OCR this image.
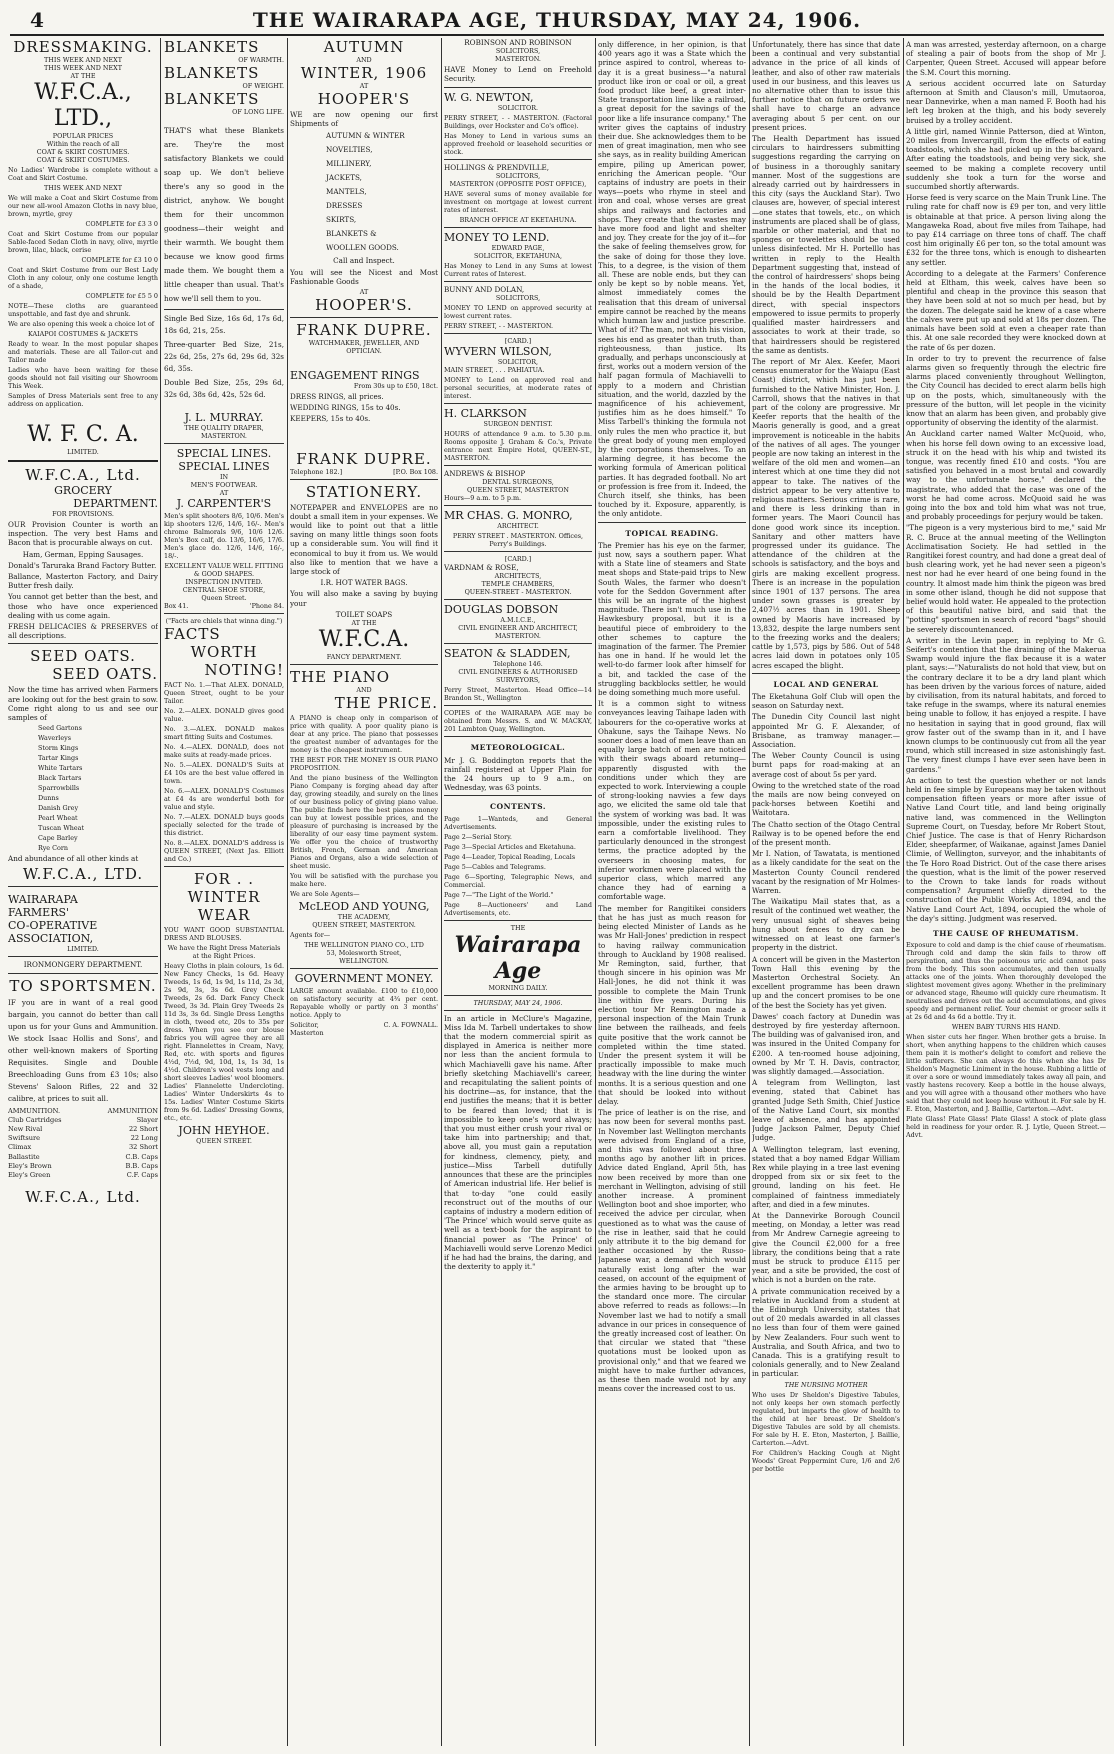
4	THE WAIRARAPA AGE, THURSDAY, MAY 24, 1906.
DRESSMAKING.
THIS WEEK AND NEXT
THIS WEEK AND NEXT
AT THE
W.F.C.A., LTD.,
POPULAR PRICES
Within the reach of all
COAT & SKIRT COSTUMES.
COAT & SKIRT COSTUMES.

No Ladies' Wardrobe is complete without a Coat and Skirt Costume.

THIS WEEK AND NEXT

We will make a Coat and Skirt Costume from our new all-wool Amazon Cloths in navy blue, brown, myrtle, grey

COMPLETE for £3 3 0

Coat and Skirt Costume from our popular Sable-faced Sedan Cloth in navy, olive, myrtle brown, lilac, black, cerise

COMPLETE for £3 10 0

Coat and Skirt Costume from our Best Lady Cloth in any colour, only one costume length of a shade,

COMPLETE for £5 5 0

NOTE—These cloths are guaranteed unspottable, and fast dye and shrunk.

We are also opening this week a choice lot of

KAIAPOI COSTUMES & JACKETS

Ready to wear. In the most popular shapes and materials. These are all Tailor-cut and Tailor made

Ladies who have been waiting for these goods should not fail visiting our Showroom This Week.

Samples of Dress Materials sent free to any address on application.

W. F. C. A.
LIMITED.
W.F.C.A., Ltd.
GROCERY
DEPARTMENT.
FOR PROVISIONS.

OUR Provision Counter is worth an inspection. The very best Hams and Bacon that is procurable always on cut.

Ham, German, Epping Sausages.

Donald's Taruraka Brand Factory Butter.

Ballance, Masterton Factory, and Dairy Butter fresh daily.

You cannot get better than the best, and those who have once experienced dealing with us come again.

FRESH DELICACIES & PRESERVES of all descriptions.

SEED OATS.
SEED OATS.

Now the time has arrived when Farmers are looking out for the best grain to sow. Come right along to us and see our samples of

Seed Gartons

Waverleys

Storm Kings

Tartar Kings

White Tartars

Black Tartars

Sparrowbills

Dunns

Danish Grey

Pearl Wheat

Tuscan Wheat

Cape Barley

Rye Corn

And abundance of all other kinds at

W.F.C.A., LTD.
WAIRARAPA
FARMERS'
CO-OPERATIVE
ASSOCIATION,
LIMITED.
IRONMONGERY DEPARTMENT.
TO SPORTSMEN.

IF you are in want of a real good bargain, you cannot do better than call upon us for your Guns and Ammunition. We stock Isaac Hollis and Sons', and other well-known makers of Sporting Requisites. Single and Double Breechloading Guns from £3 10s; also Stevens' Saloon Rifles, 22 and 32 calibre, at prices to suit all.

AMMUNITION.	AMMUNITION
Club Cartridges	Slayer
New Rival	22 Short
Swiftsure	22 Long
Climax	32 Short
Ballastite	C.B. Caps
Eley's Brown	B.B. Caps
Eley's Green	C.F. Caps
W.F.C.A., Ltd.
BLANKETS
OF WARMTH.
BLANKETS
OF WEIGHT.
BLANKETS
OF LONG LIFE.

THAT'S what these Blankets are. They're the most satisfactory Blankets we could soap up. We don't believe there's any so good in the district, anyhow. We bought them for their uncommon goodness—their weight and their warmth. We bought them because we know good firms made them. We bought them a little cheaper than usual. That's how we'll sell them to you.

Single Bed Size, 16s 6d, 17s 6d, 18s 6d, 21s, 25s.

Three-quarter Bed Size, 21s, 22s 6d, 25s, 27s 6d, 29s 6d, 32s 6d, 35s.

Double Bed Size, 25s, 29s 6d, 32s 6d, 38s 6d, 42s, 52s 6d.

J. L. MURRAY.
THE QUALITY DRAPER,
MASTERTON.
SPECIAL LINES.
SPECIAL LINES
IN
MEN'S FOOTWEAR.
AT
J. CARPENTER'S

Men's split shooters 8/6, 10/6. Men's kip shooters 12/6, 14/6, 16/-. Men's chrome Balmorals 9/6, 10/6 12/6. Men's Box calf, do. 13/6, 16/6, 17/6. Men's glace do. 12/6, 14/6, 16/-, 18/-.

EXCELLENT VALUE WELL FITTING & GOOD SHAPES.
INSPECTION INVITED.
CENTRAL SHOE STORE,
Queen Street.
Box 41.	'Phone 84.
("Facts are chiels that winna ding.")
FACTS
WORTH
NOTING!

FACT No. 1.—That ALEX. DONALD, Queen Street, ought to be your Tailor.

No. 2.—ALEX. DONALD gives good value.

No. 3.—ALEX. DONALD makes smart fitting Suits and Costumes.

No. 4.—ALEX. DONALD, does not make suits at ready-made prices.

No. 5.—ALEX. DONALD'S Suits at £4 10s are the best value offered in town.

No. 6.—ALEX. DONALD'S Costumes at £4 4s are wonderful both for value and style.

No. 7.—ALEX. DONALD buys goods specially selected for the trade of this district.

No. 8.—ALEX. DONALD'S address is QUEEN STREET, (Next Jas. Elliott and Co.)

FOR . .
WINTER
WEAR

YOU WANT GOOD SUBSTANTIAL DRESS AND BLOUSES.

We have the Right Dress Materials at the Right Prices.

Heavy Cloths in plain colours, 1s 6d. New Fancy Checks, 1s 6d. Heavy Tweeds, 1s 6d, 1s 9d, 1s 11d, 2s 3d, 2s 9d, 3s, 3s 6d. Grey Check Tweeds, 2s 6d. Dark Fancy Check Tweed, 3s 3d. Plain Grey Tweeds 2s 11d 3s, 3s 6d. Single Dress Lengths in cloth, tweed etc, 20s to 35s per dress. When you see our blouse fabrics you will agree they are all right. Flannelettes in Cream, Navy, Red, etc. with sports and figures 4½d, 7½d, 9d, 10d, 1s, 1s 3d, 1s 4½d. Children's wool vests long and short sleeves Ladies' wool bloomers. Ladies' Flannelette Undercloting. Ladies' Winter Underskirts 4s to 15s. Ladies' Winter Costume Skirts from 9s 6d. Ladies' Dressing Gowns, etc., etc.

JOHN HEYHOE.
QUEEN STREET.
AUTUMN
AND
WINTER, 1906
AT
HOOPER'S

WE are now opening our first Shipments of

AUTUMN & WINTER

NOVELTIES,

MILLINERY,

JACKETS,

MANTELS,

DRESSES

SKIRTS,

BLANKETS &

WOOLLEN GOODS.

Call and Inspect.

You will see the Nicest and Most Fashionable Goods

AT
HOOPER'S.
FRANK DUPRE.
WATCHMAKER, JEWELLER, AND OPTICIAN.
ENGAGEMENT RINGS
From 30s up to £50, 18ct.

DRESS RINGS, all prices.

WEDDING RINGS, 15s to 40s.

KEEPERS, 15s to 40s.

FRANK DUPRE.
Telephone 182.]	[P.O. Box 108.
STATIONERY.

NOTEPAPER and ENVELOPES are no doubt a small item in your expenses. We would like to point out that a little saving on many little things soon foots up a considerable sum. You will find it economical to buy it from us. We would also like to mention that we have a large stock of

I.R. HOT WATER BAGS.

You will also make a saving by buying your

TOILET SOAPS
AT THE
W.F.C.A.
FANCY DEPARTMENT.
THE PIANO
AND
THE PRICE.

A PIANO is cheap only in comparison of price with quality. A poor quality piano is dear at any price. The piano that possesses the greatest number of advantages for the money is the cheapest instrument.

THE BEST FOR THE MONEY IS OUR PIANO PROPOSITION.

And the piano business of the Wellington Piano Company is forging ahead day after day, growing steadily, and surely on the lines of our business policy of giving piano value. The public finds here the best pianos money can buy at lowest possible prices, and the pleasure of purchasing is increased by the liberality of our easy time payment system. We offer you the choice of trustworthy British, French, German and American Pianos and Organs, also a wide selection of sheet music.

You will be satisfied with the purchase you make here.

We are Sole Agents—

McLEOD AND YOUNG,
THE ACADEMY,
QUEEN STREET, MASTERTON.

Agents for—

THE WELLINGTON PIANO CO., LTD
53, Molesworth Street,
WELLINGTON.
GOVERNMENT MONEY.

LARGE amount available. £100 to £10,000 on satisfactory security at 4¾ per cent. Repayable wholly or partly on 3 months' notice. Apply to

Solicitor,	C. A. FOWNALL.
Masterton
ROBINSON AND ROBINSON
SOLICITORS,
MASTERTON.

HAVE Money to Lend on Freehold Security.

W. G. NEWTON,
SOLICITOR.

PERRY STREET, - - MASTERTON. (Factoral Buildings, over Hockster and Co's office).

Has Money to Lend in various sums an approved freehold or leasehold securities or stock.

HOLLINGS & PRENDVILLE,
SOLICITORS,
MASTERTON (OPPOSITE POST OFFICE),

HAVE several sums of money available for investment on mortgage at lowest current rates of interest.

BRANCH OFFICE AT EKETAHUNA.
MONEY TO LEND.
EDWARD PAGE,
SOLICITOR, EKETAHUNA,

Has Money to Lend in any Sums at lowest Current rates of Interest.

BUNNY AND DOLAN,
SOLICITORS,

MONEY TO LEND on approved security at lowest current rates.

PERRY STREET, - - MASTERTON.
[CARD.]
WYVERN WILSON,
SOLICITOR,
MAIN STREET, . . . PAHIATUA.

MONEY to Lend on approved real and personal securities, at moderate rates of interest.

H. CLARKSON
SURGEON DENTIST.

HOURS of attendance 9 a.m. to 5.30 p.m. Rooms opposite J. Graham & Co.'s, Private entrance next Empire Hotel, QUEEN-ST., MASTERTON.

ANDREWS & BISHOP
DENTAL SURGEONS,
QUEEN STREET, MASTERTON
Hours—9 a.m. to 5 p.m.
MR CHAS. G. MONRO,
ARCHITECT.

PERRY STREET . MASTERTON. Offices, Perry's Buildings.

[CARD.]
VARDNAM & ROSE,
ARCHITECTS,
TEMPLE CHAMBERS,
QUEEN-STREET - MASTERTON.
DOUGLAS DOBSON
A.M.I.C.E.,
CIVIL ENGINEER AND ARCHITECT,
MASTERTON.
SEATON & SLADDEN,
Telephone 146.
CIVIL ENGINEERS & AUTHORISED SURVEYORS,

Perry Street, Masterton. Head Office—14 Brandon St., Wellington

COPIES of the WAIRARAPA AGE may be obtained from Messrs. S. and W. MACKAY, 201 Lambton Quay, Wellington.

METEOROLOGICAL.

Mr J. G. Boddington reports that the rainfall registered at Upper Plain for the 24 hours up to 9 a.m., on Wednesday, was 63 points.

CONTENTS.

Page 1—Wanteds, and General Advertisements.

Page 2—Serial Story.

Page 3—Special Articles and Eketahuna.

Page 4—Leader, Topical Reading, Locals

Page 5—Cables and Telegrams.

Page 6—Sporting, Telegraphic News, and Commercial.

Page 7—"The Light of the World."

Page 8—Auctioneers' and Land Advertisements, etc.

THE
Wairarapa Age
MORNING DAILY.
THURSDAY, MAY 24, 1906.

In an article in McClure's Magazine, Miss Ida M. Tarbell undertakes to show that the modern commercial spirit as displayed in America is neither more nor less than the ancient formula to which Machiavelli gave his name. After briefly sketching Machiavelli's career, and recapitulating the salient points of his doctrine—as, for instance, that the end justifies the means; that it is better to be feared than loved; that it is impossible to keep one's word always; that you must either crush your rival or take him into partnership; and that, above all, you must gain a reputation for kindness, clemency, piety, and justice—Miss Tarbell dutifully announces that these are the principles of American industrial life. Her belief is that to-day "one could easily reconstruct out of the mouths of our captains of industry a modern edition of 'The Prince' which would serve quite as well as a text-book for the aspirant to financial power as 'The Prince' of Machiavelli would serve Lorenzo Medici if he had had the brains, the daring, and the dexterity to apply it."

only difference, in her opinion, is that 400 years ago it was a State which the prince aspired to control, whereas to-day it is a great business—"a natural product like iron or coal or oil, a great food product like beef, a great inter-State transportation line like a railroad, a great deposit for the savings of the poor like a life insurance company." The writer gives the captains of industry their due. She acknowledges them to be men of great imagination, men who see she says, as in reality building American empire, piling up American power, enriching the American people. "Our captains of industry are poets in their ways—poets who rhyme in steel and iron and coal, whose verses are great ships and railways and factories and shops. They create that the wastes may have more food and light and shelter and joy. They create for the joy of it—for the sake of feeling themselves grow, for the sake of doing for those they love. This, to a degree, is the vision of them all. These are noble ends, but they can only be kept so by noble means. Yet, almost immediately comes the realisation that this dream of universal empire cannot be reached by the means which human law and justice prescribe. What of it? The man, not with his vision, sees his end as greater than truth, than righteousness, than justice. Its gradually, and perhaps unconsciously at first, works out a modern version of the half pagan formula of Machiavelli to apply to a modern and Christian situation, and the world, dazzled by the magnificence of his achievement, justifies him as he does himself." To Miss Tarbell's thinking the formula not only rules the men who practice it, but the great body of young men employed by the corporations themselves. To an alarming degree, it has become the working formula of American political parties. It has degraded football. No art or profession is free from it. Indeed, the Church itself, she thinks, has been touched by it. Exposure, apparently, is the only antidote.

TOPICAL READING.

The Premier has his eye on the farmer, just now, says a southern paper. What with a State line of steamers and State meat shops and State-paid trips to New South Wales, the farmer who doesn't vote for the Seddon Government after this will be an ingrate of the highest magnitude. There isn't much use in the Hawkesbury proposal, but it is a beautiful piece of embroidery to the other schemes to capture the imagination of the farmer. The Premier has one in hand. If he would let the well-to-do farmer look after himself for a bit, and tackled the case of the struggling backblocks settler, he would be doing something much more useful.

It is a common sight to witness conveyances leaving Taihape laden with labourers for the co-operative works at Ohakune, says the Taihape News. No sooner does a load of men leave than an equally large batch of men are noticed with their swags aboard returning—apparently disgusted with the conditions under which they are expected to work. Interviewing a couple of strong-looking navvies a few days ago, we elicited the same old tale that the system of working was bad. It was impossible, under the existing rules to earn a comfortable livelihood. They particularly denounced in the strongest terms, the practice adopted by the overseers in choosing mates, for inferior workmen were placed with the superior class, which marred any chance they had of earning a comfortable wage.

The member for Rangitikei considers that he has just as much reason for being elected Minister of Lands as he was Mr Hall-Jones' prediction in respect to having railway communication through to Auckland by 1908 realised. Mr Remington, said, further, that though sincere in his opinion was Mr Hall-Jones, he did not think it was possible to complete the Main Trunk line within five years. During his election tour Mr Remington made a personal inspection of the Main Trunk line between the railheads, and feels quite positive that the work cannot be completed within the time stated. Under the present system it will be practically impossible to make much headway with the line during the winter months. It is a serious question and one that should be looked into without delay.

The price of leather is on the rise, and has now been for several months past. In November last Wellington merchants were advised from England of a rise, and this was followed about three months ago by another lift in prices. Advice dated England, April 5th, has now been received by more than one merchant in Wellington, advising of still another increase. A prominent Wellington boot and shoe importer, who received the advice per circular, when questioned as to what was the cause of the rise in leather, said that he could only attribute it to the big demand for leather occasioned by the Russo-Japanese war, a demand which would naturally exist long after the war ceased, on account of the equipment of the armies having to be brought up to the standard once more. The circular above referred to reads as follows:—In November last we had to notify a small advance in our prices in consequence of the greatly increased cost of leather. On that circular we stated that "these quotations must be looked upon as provisional only," and that we feared we might have to make further advances, as these then made would not by any means cover the increased cost to us.

Unfortunately, there has since that date been a continual and very substantial advance in the price of all kinds of leather, and also of other raw materials used in our business, and this leaves us no alternative other than to issue this further notice that on future orders we shall have to charge an advance averaging about 5 per cent. on our present prices.

The Health Department has issued circulars to hairdressers submitting suggestions regarding the carrying on of business in a thoroughly sanitary manner. Most of the suggestions are already carried out by hairdressers in this city (says the Auckland Star). Two clauses are, however, of special interest—one states that towels, etc., on which instruments are placed shall be of glass, marble or other material, and that no sponges or towelettes should be used unless disinfected. Mr H. Portelllo has written in reply to the Health Department suggesting that, instead of the control of hairdressers' shops being in the hands of the local bodies, it should be by the Health Department direct, with special inspectors empowered to issue permits to properly qualified master hairdressers and associates to work at their trade, so that hairdressers should be registered the same as dentists.

The report of Mr Alex. Keefer, Maori census enumerator for the Waiapu (East Coast) district, which has just been furnished to the Native Minister, Hon. J. Carroll, shows that the natives in that part of the colony are progressive. Mr Keefer reports that the health of the Maoris generally is good, and a great improvement is noticeable in the habits of the natives of all ages. The younger people are now taking an interest in the welfare of the old men and women—an interest which at one time they did not appear to take. The natives of the district appear to be very attentive to religious matters. Serious crime is rare, and there is less drinking than in former years. The Maori Council has done good work since its inception. Sanitary and other matters have progressed under its guidance. The attendance of the children at the schools is satisfactory, and the boys and girls are making excellent progress. There is an increase in the population since 1901 of 137 persons. The area under sown grasses is greater by 2,407½ acres than in 1901. Sheep owned by Maoris have increased by 13,832, despite the large numbers sent to the freezing works and the dealers; cattle by 1,573, pigs by 586. Out of 548 acres laid down in potatoes only 105 acres escaped the blight.

LOCAL AND GENERAL

The Eketahuna Golf Club will open the season on Saturday next.

The Dunedin City Council last night appointed Mr G. F. Alexander, of Brisbane, as tramway manager.—Association.

The Weber County Council is using burnt paps for road-making at an average cost of about 5s per yard.

Owing to the wretched state of the road the mails are now being conveyed on pack-horses between Koetihi and Waitotara.

The Chatto section of the Otago Central Railway is to be opened before the end of the present month.

Mr I. Nation, of Tawatata, is mentioned as a likely candidate for the seat on the Masterton County Council rendered vacant by the resignation of Mr Holmes-Warren.

The Waikatipu Mail states that, as a result of the continued wet weather, the very unusual sight of sheaves being hung about fences to dry can be witnessed on at least one farmer's property in the district.

A concert will be given in the Masterton Town Hall this evening by the Masterton Orchestral Society. An excellent programme has been drawn up and the concert promises to be one of the best the Society has yet given.

Dawes' coach factory at Dunedin was destroyed by fire yesterday afternoon. The building was of galvanised iron, and was insured in the United Company for £200. A ten-roomed house adjoining, owned by Mr T. H. Davis, contractor, was slightly damaged.—Association.

A telegram from Wellington, last evening, stated that Cabinet has granted Judge Seth Smith, Chief Justice of the Native Land Court, six months' leave of absence, and has appointed Judge Jackson Palmer, Deputy Chief Judge.

A Wellington telegram, last evening, stated that a boy named Edgar William Rex while playing in a tree last evening dropped from six or six feet to the ground, landing on his feet. He complained of faintness immediately after, and died in a few minutes.

At the Dannevirke Borough Council meeting, on Monday, a letter was read from Mr Andrew Carnegie agreeing to give the Council £2,000 for a free library, the conditions being that a rate must be struck to produce £115 per year, and a site be provided, the cost of which is not a burden on the rate.

A private communication received by a relative in Auckland from a student at the Edinburgh University, states that out of 20 medals awarded in all classes no less than four of them were gained by New Zealanders. Four such went to Australia, and South Africa, and two to Canada. This is a gratifying result to colonials generally, and to New Zealand in particular.

THE NURSING MOTHER

Who uses Dr Sheldon's Digestive Tabules, not only keeps her own stomach perfectly regulated, but imparts the glow of health to the child at her breast. Dr Sheldon's Digestive Tabules are sold by all chemists. For sale by H. E. Eton, Masterton, J. Baillie, Carterton.—Advt.

For Children's Hacking Cough at Night Woods' Great Peppermint Cure, 1/6 and 2/6 per bottle

A man was arrested, yesterday afternoon, on a charge of stealing a pair of boots from the shop of Mr J. Carpenter, Queen Street. Accused will appear before the S.M. Court this morning.

A serious accident occurred late on Saturday afternoon at Smith and Clauson's mill, Umutaoroa, near Dannevirke, when a man named F. Booth had his left leg broken at the thigh, and his body severely bruised by a trolley accident.

A little girl, named Winnie Patterson, died at Winton, 20 miles from Invercargill, from the effects of eating toadstools, which she had picked up in the backyard. After eating the toadstools, and being very sick, she seemed to be making a complete recovery until suddenly she took a turn for the worse and succumbed shortly afterwards.

Horse feed is very scarce on the Main Trunk Line. The ruling rate for chaff now is £9 per ton, and very little is obtainable at that price. A person living along the Mangaweka Road, about five miles from Taihape, had to pay £14 carriage on three tons of chaff. The chaff cost him originally £6 per ton, so the total amount was £32 for the three tons, which is enough to dishearten any settler.

According to a delegate at the Farmers' Conference held at Eltham, this week, calves have been so plentiful and cheap in the province this season that they have been sold at not so much per head, but by the dozen. The delegate said he knew of a case where the calves were put up and sold at 18s per dozen. The animals have been sold at even a cheaper rate than this. At one sale recorded they were knocked down at the rate of 6s per dozen.

In order to try to prevent the recurrence of false alarms given so frequently through the electric fire alarms placed conveniently throughout Wellington, the City Council has decided to erect alarm bells high up on the posts, which, simultaneously with the pressure of the button, will let people in the vicinity know that an alarm has been given, and probably give opportunity of observing the identity of the alarmist.

An Auckland carter named Walter McQuoid, who, when his horse fell down owing to an excessive load, struck it on the head with his whip and twisted its tongue, was recently fined £10 and costs. "You are satisfied you behaved in a most brutal and cowardly way to the unfortunate horse," declared the magistrate, who added that the case was one of the worst he had come across. McQuoid said he was going into the box and told him what was not true, and probably proceedings for perjury would be taken.

"The pigeon is a very mysterious bird to me," said Mr R. C. Bruce at the annual meeting of the Wellington Acclimatisation Society. He had settled in the Rangitikei forest country, and had done a great deal of bush clearing work, yet he had never seen a pigeon's nest nor had he ever heard of one being found in the country. It almost made him think the pigeon was bred in some other island, though he did not suppose that belief would hold water. He appealed to the protection of this beautiful native bird, and said that the "potting" sportsmen in search of record "bags" should be severely discountenanced.

A writer in the Levin paper, in replying to Mr G. Seifert's contention that the draining of the Makerua Swamp would injure the flax because it is a water plant, says:—"Naturalists do not hold that view, but on the contrary declare it to be a dry land plant which has been driven by the various forces of nature, aided by civilisation, from its natural habitats, and forced to take refuge in the swamps, where its natural enemies being unable to follow, it has enjoyed a respite. I have no hesitation in saying that in good ground, flax will grow faster out of the swamp than in it, and I have known clumps to be continuously cut from all the year round, which still increased in size astonishingly fast. The very finest clumps I have ever seen have been in gardens."

An action to test the question whether or not lands held in fee simple by Europeans may be taken without compensation fifteen years or more after issue of Native Land Court title, and land being originally native land, was commenced in the Wellington Supreme Court, on Tuesday, before Mr Robert Stout, Chief Justice. The case is that of Henry Richardson Elder, sheepfarmer, of Waikanae, against James Daniel Climie, of Wellington, surveyor, and the inhabitants of the Te Horo Road District. Out of the case there arises the question, what is the limit of the power reserved to the Crown to take lands for roads without compensation? Argument chiefly directed to the construction of the Public Works Act, 1894, and the Native Land Court Act, 1894, occupied the whole of the day's sitting. Judgment was reserved.

THE CAUSE OF RHEUMATISM.

Exposure to cold and damp is the chief cause of rheumatism. Through cold and damp the skin fails to throw off perspiration, and thus the poisonous uric acid cannot pass from the body. This soon accumulates, and then usually attacks one of the joints. When thoroughly developed the slightest movement gives agony. Whether in the preliminary or advanced stage, Rheumo will quickly cure rheumatism. It neutralises and drives out the acid accumulations, and gives speedy and permanent relief. Your chemist or grocer sells it at 2s 6d and 4s 6d a bottle. Try it.

WHEN BABY TURNS HIS HAND.

When sister cuts her finger. When brother gets a bruise. In short, when anything happens to the children which causes them pain it is mother's delight to comfort and relieve the little sufferers. She can always do this when she has Dr Sheldon's Magnetic Liniment in the house. Rubbing a little of it over a sore or wound immediately takes away all pain, and vastly hastens recovery. Keep a bottle in the house always, and you will agree with a thousand other mothers who have said that they could not keep house without it. For sale by H. E. Eton, Masterton, and J. Baillie, Carterton.—Advt.

Plate Glass! Plate Glass! Plate Glass! A stock of plate glass held in readiness for your order. R. J. Lytle, Queen Street.—Advt.
